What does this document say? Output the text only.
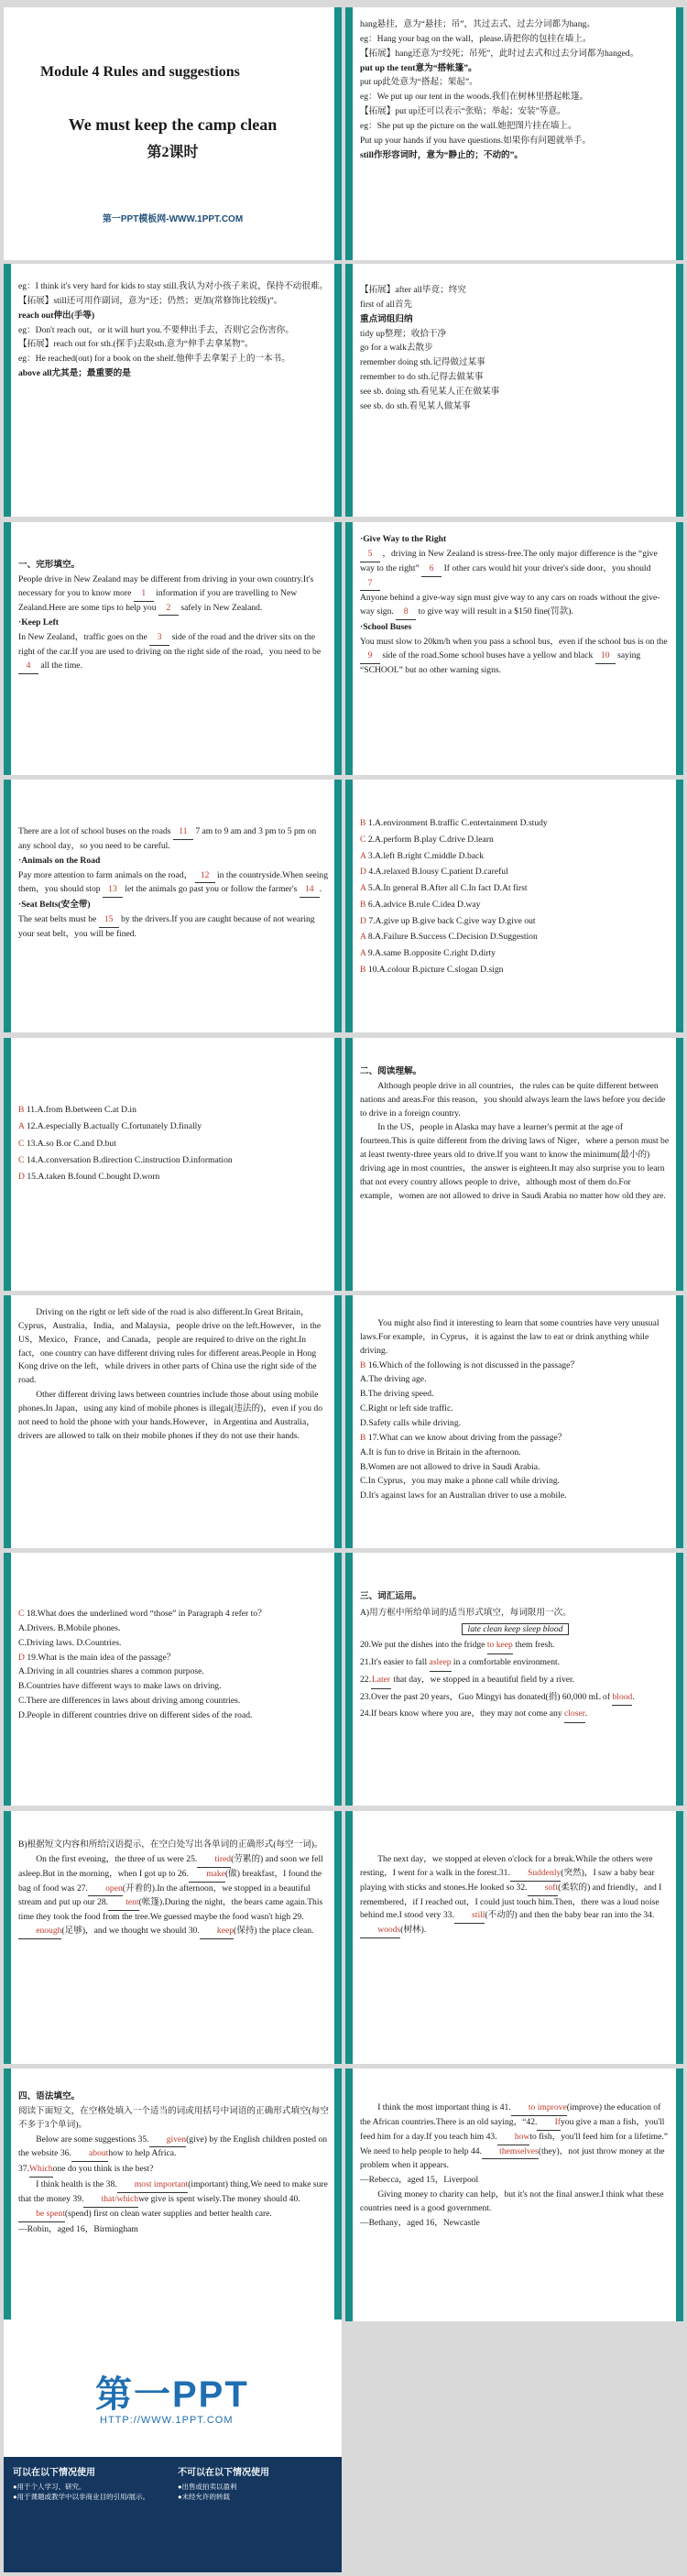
Module 4 Rules and suggestions
We must keep the camp clean
第2课时
第一PPT模板网-WWW.1PPT.COM

hang悬挂，意为“悬挂；吊”，其过去式、过去分词都为hang。

eg：Hang your bag on the wall，please.请把你的包挂在墙上。

【拓展】hang还意为“绞死；吊死”，此时过去式和过去分词都为hanged。

put up the tent意为“搭帐篷”。

put up此处意为“搭起；架起”。

eg：We put up our tent in the woods.我们在树林里搭起帐篷。

【拓展】put up还可以表示“张贴；举起；安装”等意。

eg：She put up the picture on the wall.她把图片挂在墙上。

Put up your hands if you have questions.如果你有问题就举手。

still作形容词时，意为“静止的；不动的”。

eg：I think it's very hard for kids to stay still.我认为对小孩子来说，保持不动很难。

【拓展】still还可用作副词，意为“还；仍然；更加(常修饰比较级)”。

reach out伸出(手等)

eg：Don't reach out，or it will hurt you.不要伸出手去，否则它会伤害你。

【拓展】reach out for sth.(探手)去取sth.意为“伸手去拿某物”。

eg：He reached(out) for a book on the shelf.他伸手去拿架子上的一本书。

above all尤其是；最重要的是

【拓展】after all毕竟；终究

first of all首先

重点词组归纳

tidy up整理；收拾干净

go for a walk去散步

remember doing sth.记得做过某事

remember to do sth.记得去做某事

see sb. doing sth.看见某人正在做某事

see sb. do sth.看见某人做某事

一、完形填空。

People drive in New Zealand may be different from driving in your own country.It's necessary for you to know more 1 information if you are travelling to New Zealand.Here are some tips to help you 2 safely in New Zealand.

·Keep Left

In New Zealand，traffic goes on the 3 side of the road and the driver sits on the right of the car.If you are used to driving on the right side of the road，you need to be 4 all the time.

·Give Way to the Right

5 ，driving in New Zealand is stress-free.The only major difference is the “give way to the right” 6 If other cars would hit your driver's side door，you should 7

Anyone behind a give-way sign must give way to any cars on roads without the give-way sign. 8 to give way will result in a $150 fine(罚款).

·School Buses

You must slow to 20km/h when you pass a school bus，even if the school bus is on the 9 side of the road.Some school buses have a yellow and black 10 saying “SCHOOL” but no other warning signs.

There are a lot of school buses on the roads 11 7 am to 9 am and 3 pm to 5 pm on any school day，so you need to be careful.

·Animals on the Road

Pay more attention to farm animals on the road， 12 in the countryside.When seeing them，you should stop 13 let the animals go past you or follow the farmer's 14 .

·Seat Belts(安全带)

The seat belts must be 15 by the drivers.If you are caught because of not wearing your seat belt，you will be fined.

B 1.A.environment B.traffic C.entertainment D.study

C 2.A.perform B.play C.drive D.learn

A 3.A.left B.right C.middle D.back

D 4.A.relaxed B.lousy C.patient D.careful

A 5.A.In general B.After all C.In fact D.At first

B 6.A.advice B.rule C.idea D.way

D 7.A.give up B.give back C.give way D.give out

A 8.A.Failure B.Success C.Decision D.Suggestion

A 9.A.same B.opposite C.right D.dirty

B 10.A.colour B.picture C.slogan D.sign

B 11.A.from B.between C.at D.in

A 12.A.especially B.actually C.fortunately D.finally

C 13.A.so B.or C.and D.but

C 14.A.conversation B.direction C.instruction D.information

D 15.A.taken B.found C.bought D.worn

二、阅读理解。

Although people drive in all countries，the rules can be quite different between nations and areas.For this reason，you should always learn the laws before you decide to drive in a foreign country.

In the US，people in Alaska may have a learner's permit at the age of fourteen.This is quite different from the driving laws of Niger，where a person must be at least twenty-three years old to drive.If you want to know the minimum(最小的) driving age in most countries，the answer is eighteen.It may also surprise you to learn that not every country allows people to drive，although most of them do.For example，women are not allowed to drive in Saudi Arabia no matter how old they are.

Driving on the right or left side of the road is also different.In Great Britain，Cyprus，Australia，India，and Malaysia，people drive on the left.However，in the US，Mexico，France，and Canada，people are required to drive on the right.In fact，one country can have different driving rules for different areas.People in Hong Kong drive on the left，while drivers in other parts of China use the right side of the road.

Other different driving laws between countries include those about using mobile phones.In Japan，using any kind of mobile phones is illegal(违法的)，even if you do not need to hold the phone with your hands.However，in Argentina and Australia，drivers are allowed to talk on their mobile phones if they do not use their hands.

You might also find it interesting to learn that some countries have very unusual laws.For example，in Cyprus，it is against the law to eat or drink anything while driving.

B 16.Which of the following is not discussed in the passage？

A.The driving age.

B.The driving speed.

C.Right or left side traffic.

D.Safety calls while driving.

B 17.What can we know about driving from the passage？

A.It is fun to drive in Britain in the afternoon.

B.Women are not allowed to drive in Saudi Arabia.

C.In Cyprus，you may make a phone call while driving.

D.It's against laws for an Australian driver to use a mobile.

C 18.What does the underlined word “those” in Paragraph 4 refer to？

A.Drivers. B.Mobile phones.

C.Driving laws. D.Countries.

D 19.What is the main idea of the passage？

A.Driving in all countries shares a common purpose.

B.Countries have different ways to make laws on driving.

C.There are differences in laws about driving among countries.

D.People in different countries drive on different sides of the road.

三、词汇运用。

A)用方框中所给单词的适当形式填空，每词限用一次。

late clean keep sleep blood

20.We put the dishes into the fridge to keep them fresh.

21.It's easier to fall asleep in a comfortable environment.

22.Later that day，we stopped in a beautiful field by a river.

23.Over the past 20 years，Guo Mingyi has donated(捐) 60,000 mL of blood.

24.If bears know where you are，they may not come any closer.

B)根据短文内容和所给汉语提示，在空白处写出各单词的正确形式(每空一词)。

On the first evening，the three of us were 25. tired(劳累的) and soon we fell asleep.But in the morning，when I got up to 26. make(做) breakfast，I found the bag of food was 27. open(开着的).In the afternoon，we stopped in a beautiful stream and put up our 28. tent(帐篷).During the night，the bears came again.This time they took the food from the tree.We guessed maybe the food wasn't high 29.enough(足够)，and we thought we should 30. keep(保持) the place clean.

The next day，we stopped at eleven o'clock for a break.While the others were resting，I went for a walk in the forest.31. Suddenly(突然)，I saw a baby bear playing with sticks and stones.He looked so 32. soft(柔软的) and friendly，and I remembered，if I reached out，I could just touch him.Then，there was a loud noise behind me.I stood very 33. still(不动的) and then the baby bear ran into the 34.woods(树林).

四、语法填空。

阅读下面短文，在空格处填入一个适当的词或用括号中词语的正确形式填空(每空不多于3个单词)。

Below are some suggestions 35. given(give) by the English children posted on the website 36. abouthow to help Africa.

37.Whichone do you think is the best?

I think health is the 38. most important(important) thing.We need to make sure that the money 39. that/whichwe give is spent wisely.The money should 40.be spent(spend) first on clean water supplies and better health care.

—Robin，aged 16，Birmingham

I think the most important thing is 41. to improve(improve) the education of the African countries.There is an old saying，“42. Ifyou give a man a fish，you'll feed him for a day.If you teach him 43. howto fish，you'll feed him for a lifetime.” We need to help people to help 44. themselves(they)，not just throw money at the problem when it appears.

—Rebecca，aged 15，Liverpool

Giving money to charity can help，but it's not the final answer.I think what these countries need is a good government.

—Bethany，aged 16，Newcastle

第一PPT
HTTP://WWW.1PPT.COM
可以在以下情况使用

●用于个人学习、研究。

●用于课题或教学中以非商业目的引用/展示。

不可以在以下情况使用

●出售或拍卖以盈利

●未经允许的转载
